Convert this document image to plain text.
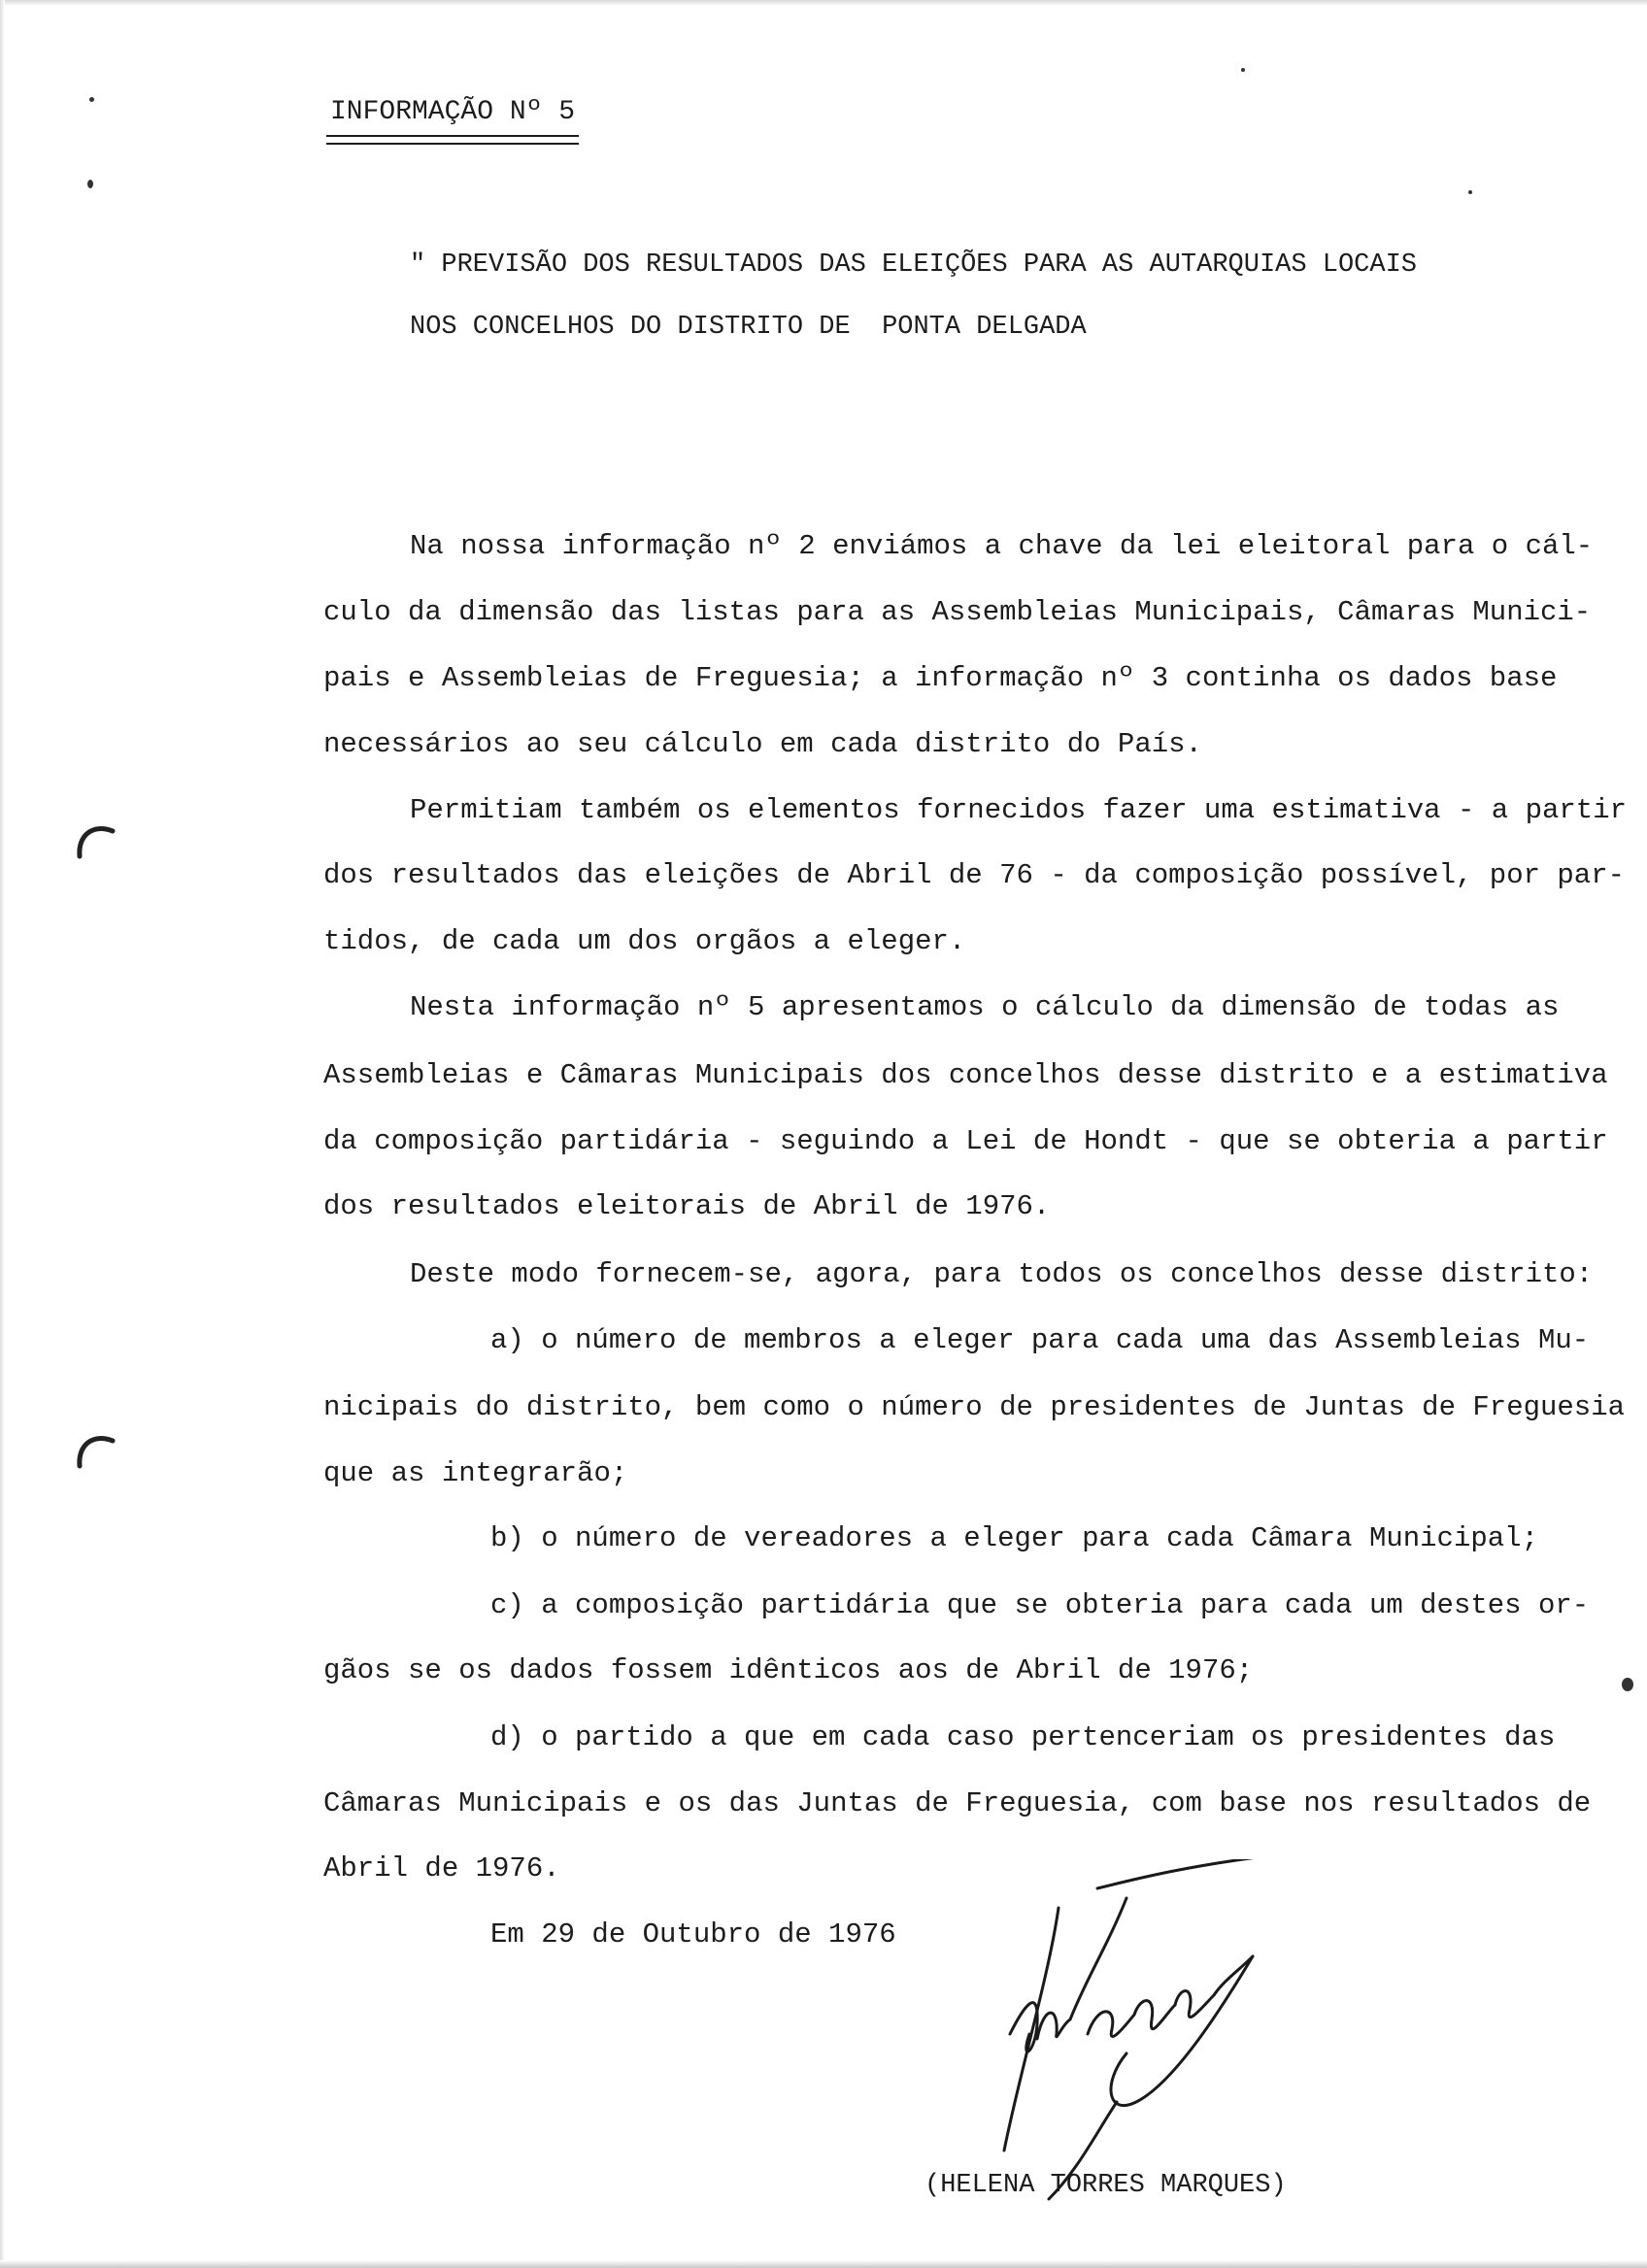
INFORMAÇÃO Nº 5
" PREVISÃO DOS RESULTADOS DAS ELEIÇÕES PARA AS AUTARQUIAS LOCAIS
NOS CONCELHOS DO DISTRITO DE  PONTA DELGADA
Na nossa informação nº 2 enviámos a chave da lei eleitoral para o cál-
culo da dimensão das listas para as Assembleias Municipais, Câmaras Munici-
pais e Assembleias de Freguesia; a informação nº 3 continha os dados base
necessários ao seu cálculo em cada distrito do País.
Permitiam também os elementos fornecidos fazer uma estimativa - a partir
dos resultados das eleições de Abril de 76 - da composição possível, por par-
tidos, de cada um dos orgãos a eleger.
Nesta informação nº 5 apresentamos o cálculo da dimensão de todas as
Assembleias e Câmaras Municipais dos concelhos desse distrito e a estimativa
da composição partidária - seguindo a Lei de Hondt - que se obteria a partir
dos resultados eleitorais de Abril de 1976.
Deste modo fornecem-se, agora, para todos os concelhos desse distrito:
a) o número de membros a eleger para cada uma das Assembleias Mu-
nicipais do distrito, bem como o número de presidentes de Juntas de Freguesia
que as integrarão;
b) o número de vereadores a eleger para cada Câmara Municipal;
c) a composição partidária que se obteria para cada um destes or-
gãos se os dados fossem idênticos aos de Abril de 1976;
d) o partido a que em cada caso pertenceriam os presidentes das
Câmaras Municipais e os das Juntas de Freguesia, com base nos resultados de
Abril de 1976.
Em 29 de Outubro de 1976
(HELENA TORRES MARQUES)
